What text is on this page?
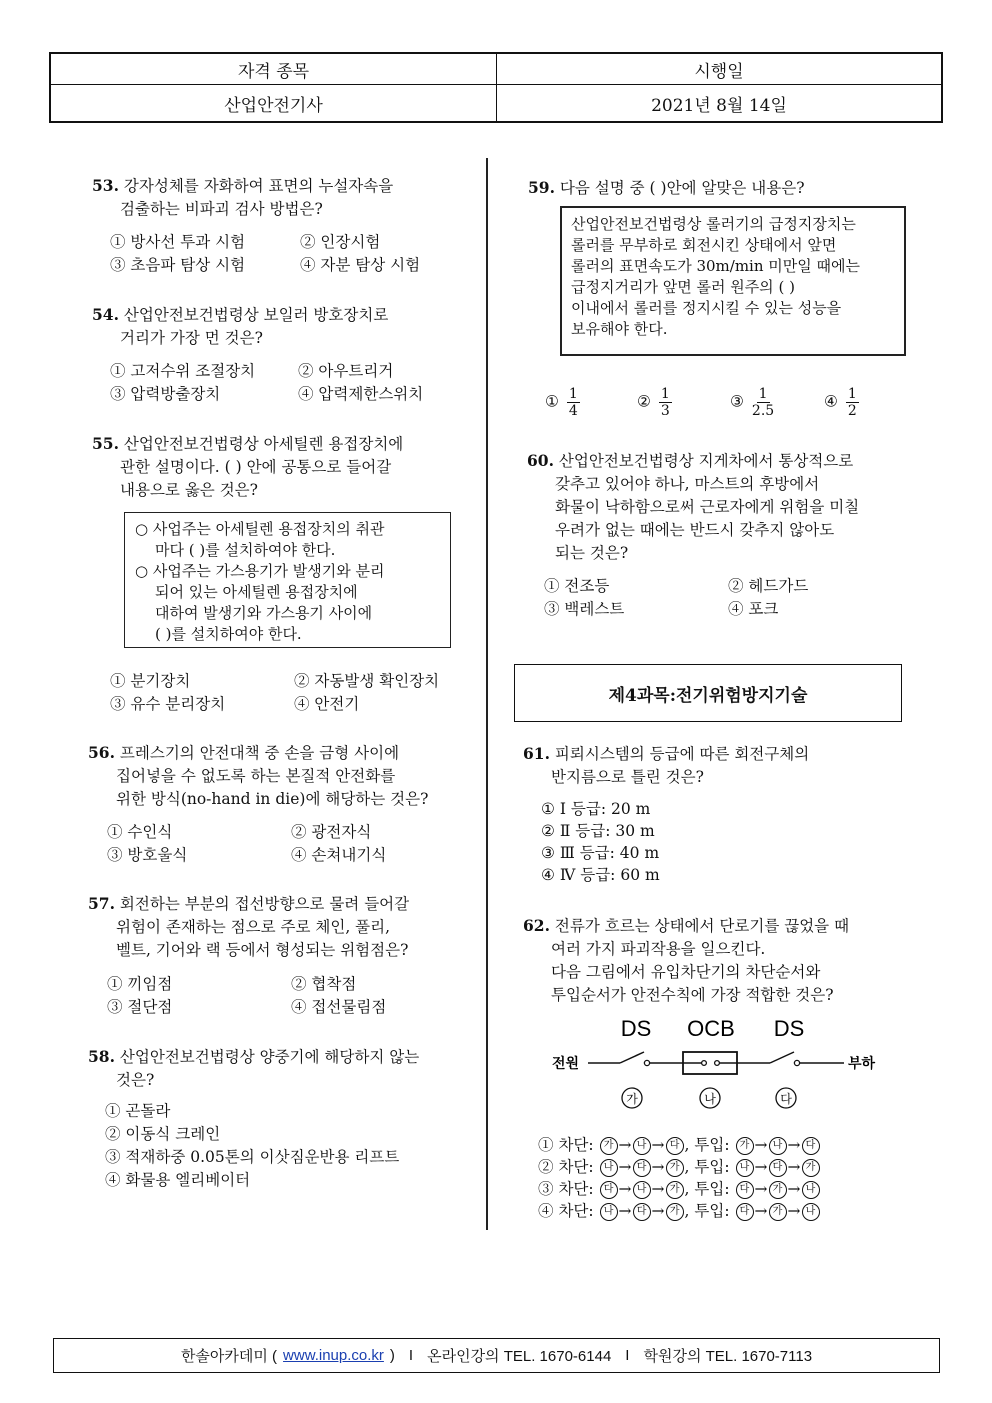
자격 종목	시행일
산업안전기사	2021년 8월 14일
53. 강자성체를 자화하여 표면의 누설자속을
검출하는 비파괴 검사 방법은?
① 방사선 투과 시험	② 인장시험
③ 초음파 탐상 시험	④ 자분 탐상 시험
54. 산업안전보건법령상 보일러 방호장치로
거리가 가장 먼 것은?
① 고저수위 조절장치	② 아우트리거
③ 압력방출장치	④ 압력제한스위치
55. 산업안전보건법령상 아세틸렌 용접장치에
관한 설명이다. ( ) 안에 공통으로 들어갈
내용으로 옳은 것은?
○ 사업주는 아세틸렌 용접장치의 취관
마다 ( )를 설치하여야 한다.
○ 사업주는 가스용기가 발생기와 분리
되어 있는 아세틸렌 용접장치에
대하여 발생기와 가스용기 사이에
( )를 설치하여야 한다.
① 분기장치	② 자동발생 확인장치
③ 유수 분리장치	④ 안전기
56. 프레스기의 안전대책 중 손을 금형 사이에
집어넣을 수 없도록 하는 본질적 안전화를
위한 방식(no-hand in die)에 해당하는 것은?
① 수인식	② 광전자식
③ 방호울식	④ 손쳐내기식
57. 회전하는 부분의 접선방향으로 물려 들어갈
위험이 존재하는 점으로 주로 체인, 풀리,
벨트, 기어와 랙 등에서 형성되는 위험점은?
① 끼임점	② 협착점
③ 절단점	④ 접선물림점
58. 산업안전보건법령상 양중기에 해당하지 않는
것은?
① 곤돌라
② 이동식 크레인
③ 적재하중 0.05톤의 이삿짐운반용 리프트
④ 화물용 엘리베이터
59. 다음 설명 중 ( )안에 알맞은 내용은?
산업안전보건법령상 롤러기의 급정지장치는
롤러를 무부하로 회전시킨 상태에서 앞면
롤러의 표면속도가 30m/min 미만일 때에는
급정지거리가 앞면 롤러 원주의 ( )
이내에서 롤러를 정지시킬 수 있는 성능을
보유해야 한다.
① $\frac{1}{4}$	② $\frac{1}{3}$	③ $\frac{1}{2.5}$	④ $\frac{1}{2}$
60. 산업안전보건법령상 지게차에서 통상적으로
갖추고 있어야 하나, 마스트의 후방에서
화물이 낙하함으로써 근로자에게 위험을 미칠
우려가 없는 때에는 반드시 갖추지 않아도
되는 것은?
① 전조등	② 헤드가드
③ 백레스트	④ 포크
제4과목:전기위험방지기술
61. 피뢰시스템의 등급에 따른 회전구체의
반지름으로 틀린 것은?
① Ⅰ 등급: 20 m
② Ⅱ 등급: 30 m
③ Ⅲ 등급: 40 m
④ Ⅳ 등급: 60 m
62. 전류가 흐르는 상태에서 단로기를 끊었을 때
여러 가지 파괴작용을 일으킨다.
다음 그림에서 유입차단기의 차단순서와
투입순서가 안전수칙에 가장 적합한 것은?
DS OCB DS
전원	부하
가	나	다
① 차단: 가 → 나 → 다 , 투입: 가 → 나 → 다
② 차단: 나 → 다 → 가 , 투입: 나 → 다 → 가
③ 차단: 다 → 나 → 가 , 투입: 다 → 가 → 나
④ 차단: 나 → 다 → 가 , 투입: 다 → 가 → 나
한솔아카데미 ( www.inup.co.kr ) I 온라인강의 TEL. 1670-6144 I 학원강의 TEL. 1670-7113
